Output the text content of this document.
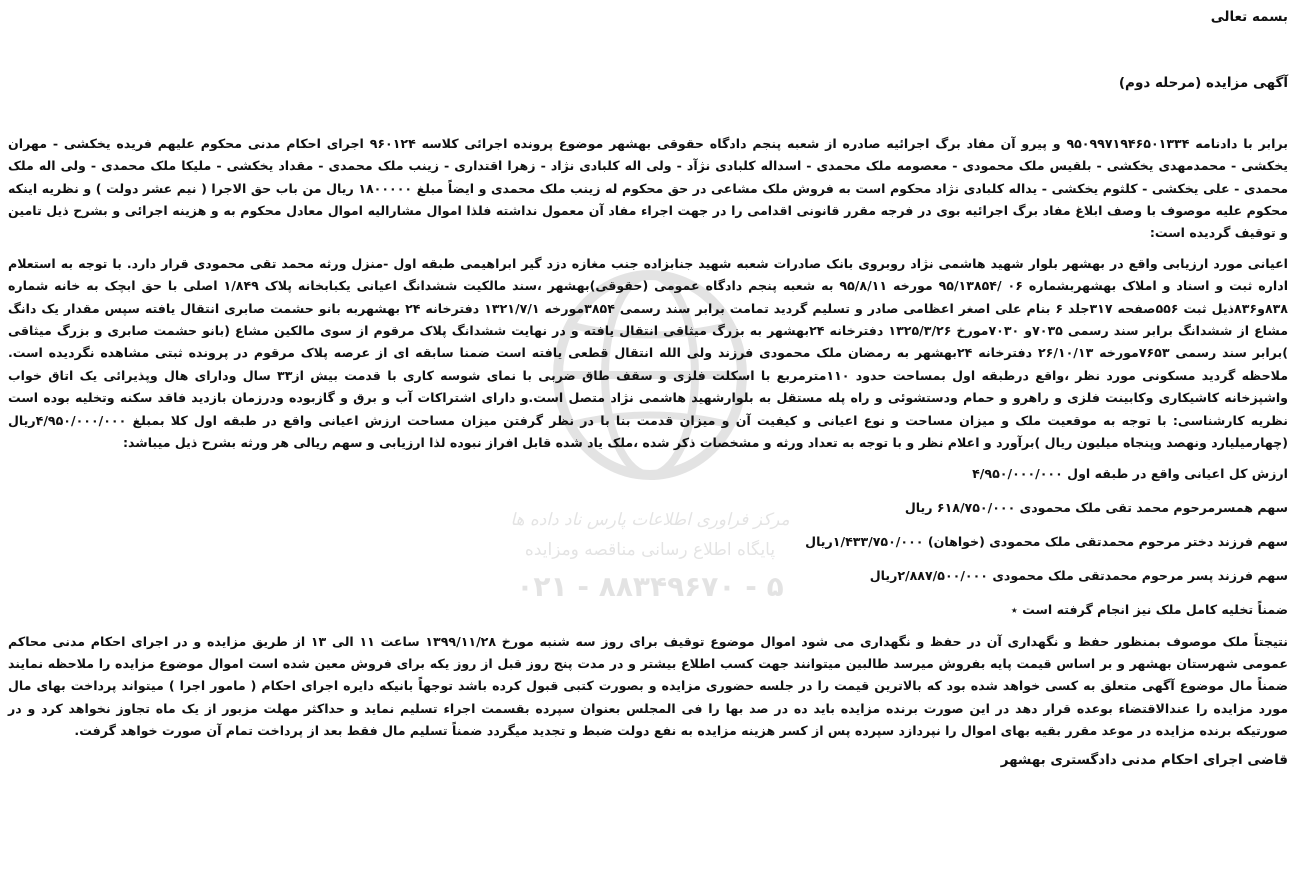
مرکز فراوری اطلاعات پارس ناد داده ها
پایگاه اطلاع رسانی مناقصه ومزایده
۰۲۱ - ۸۸۳۴۹۶۷۰ - ۵
بسمه تعالی
آگهی مزایده (مرحله دوم)

برابر با دادنامه ۹۵۰۹۹۷۱۹۴۶۵۰۱۳۳۴ و پیرو آن مفاد برگ اجرائیه صادره از شعبه پنجم دادگاه حقوقی بهشهر موضوع پرونده اجرائی کلاسه ۹۶۰۱۲۴ اجرای احکام مدنی محکوم علیهم فریده یخکشی - مهران یخکشی - محمدمهدی یخکشی - بلقیس ملک محمودی - معصومه ملک محمدی - اسداله کلبادی نژآد - ولی اله کلبادی نژاد - زهرا اقتداری - زینب ملک محمدی - مقداد یخکشی - ملیکا ملک محمدی - ولی اله ملک محمدی - علی یخکشی - کلثوم یخکشی - یداله کلبادی نژاد محکوم است به فروش ملک مشاعی در حق محکوم له زینب ملک محمدی و ایضاً مبلغ ۱۸۰۰۰۰۰ ریال من باب حق الاجرا ( نیم عشر دولت ) و نظریه اینکه محکوم علیه موصوف با وصف ابلاغ مفاد برگ اجرائیه بوی در فرجه مقرر قانونی اقدامی را در جهت اجراء مفاد آن معمول نداشته فلذا اموال مشارالیه اموال معادل محکوم به و هزینه اجرائی و بشرح ذیل تامین و توقیف گردیده است:

اعیانی مورد ارزیابی واقع در بهشهر بلوار شهید هاشمی نژاد روبروی بانک صادرات شعبه شهید جنابزاده جنب مغازه دزد گیر ابراهیمی طبقه اول -منزل ورثه محمد تقی محمودی قرار دارد. با توجه به استعلام اداره ثبت و اسناد و املاک بهشهربشماره ۰۶ /۹۵/۱۳۸۵۴ مورخه ۹۵/۸/۱۱ به شعبه پنجم دادگاه عمومی (حقوقی)بهشهر ،سند مالکیت ششدانگ اعیانی یکبابخانه پلاک ۱/۸۴۹ اصلی با حق ابچک به خانه شماره ۸۳۸و۸۳۶ذیل ثبت ۵۵۶صفحه ۳۱۷جلد ۶ بنام علی اصغر اعظامی صادر و تسلیم گردید تمامت برابر سند رسمی ۳۸۵۴مورخه ۱۳۲۱/۷/۱ دفترخانه ۲۴ بهشهربه بانو حشمت صابری انتقال یافته سپس مقدار یک دانگ مشاع از ششدانگ برابر سند رسمی ۷۰۳۵و ۷۰۳۰مورخ ۱۳۲۵/۳/۲۶ دفترخانه ۲۴بهشهر به بزرگ میثاقی انتقال یافته و در نهایت ششدانگ پلاک مرقوم از سوی مالکین مشاع (بانو حشمت صابری و بزرگ میثاقی )برابر سند رسمی ۷۶۵۳مورخه ۲۶/۱۰/۱۳ دفترخانه ۲۴بهشهر به رمضان ملک محمودی فرزند ولی الله انتقال قطعی یافته است ضمنا سابقه ای از عرصه پلاک مرقوم در پرونده ثبتی مشاهده نگردیده است. ملاحظه گردید مسکونی مورد نظر ،واقع درطبقه اول بمساحت حدود ۱۱۰مترمربع با اسکلت فلزی و سقف طاق ضربی با نمای شوسه کاری با قدمت بیش از۳۳ سال ودارای هال وپذیرائی یک اتاق خواب واشپزخانه کاشیکاری وکابینت فلزی و راهرو و حمام ودستشوئی و راه پله مستقل به بلوارشهید هاشمی نژاد متصل است.و دارای اشتراکات آب و برق و گازبوده ودرزمان بازدید فاقد سکنه وتخلیه بوده است نظریه کارشناسی: با توجه به موقعیت ملک و میزان مساحت و نوع اعیانی و کیفیت آن و میزان قدمت بنا با در نظر گرفتن میزان مساحت ارزش اعیانی واقع در طبقه اول کلا بمبلغ ۴/۹۵۰/۰۰۰/۰۰۰ریال (چهارمیلیارد ونهصد وپنجاه میلیون ریال )برآورد و اعلام نظر و با توجه به تعداد ورثه و مشخصات ذکر شده ،ملک یاد شده قابل افراز نبوده لذا ارزیابی و سهم ریالی هر ورثه بشرح ذیل میباشد:

ارزش کل اعیانی واقع در طبقه اول ۴/۹۵۰/۰۰۰/۰۰۰
سهم همسرمرحوم محمد تقی ملک محمودی ۶۱۸/۷۵۰/۰۰۰ ریال
سهم فرزند دختر مرحوم محمدتقی ملک محمودی (خواهان) ۱/۴۳۳/۷۵۰/۰۰۰ریال
سهم فرزند پسر مرحوم محمدتقی ملک محمودی ۲/۸۸۷/۵۰۰/۰۰۰ریال
ضمناً تخلیه کامل ملک نیز انجام گرفته است ٭

نتیجتاً ملک موصوف بمنظور حفظ و نگهداری آن در حفظ و نگهداری می شود اموال موضوع توقیف برای روز سه شنبه مورخ ۱۳۹۹/۱۱/۲۸ ساعت ۱۱ الی ۱۳ از طریق مزایده و در اجرای احکام مدنی محاکم عمومی شهرستان بهشهر و بر اساس قیمت پایه بفروش میرسد طالبین میتوانند جهت کسب اطلاع بیشتر و در مدت پنج روز قبل از روز یکه برای فروش معین شده است اموال موضوع مزایده را ملاحظه نمایند ضمناً مال موضوع آگهی متعلق به کسی خواهد شده بود که بالاترین قیمت را در جلسه حضوری مزایده و بصورت کتبی قبول کرده باشد توجهاً بانیکه دایره اجرای احکام ( مامور اجرا ) میتواند پرداخت بهای مال مورد مزایده را عندالاقتضاء بوعده قرار دهد در این صورت برنده مزایده باید ده در صد بها را فی المجلس بعنوان سپرده بقسمت اجراء تسلیم نماید و حداکثر مهلت مزبور از یک ماه تجاوز نخواهد کرد و در صورتیکه برنده مزایده در موعد مقرر بقیه بهای اموال را نپردازد سپرده پس از کسر هزینه مزایده به نفع دولت ضبط و تجدید میگردد ضمناً تسلیم مال فقط بعد از پرداخت تمام آن صورت خواهد گرفت.

قاضی اجرای احکام مدنی دادگستری بهشهر
